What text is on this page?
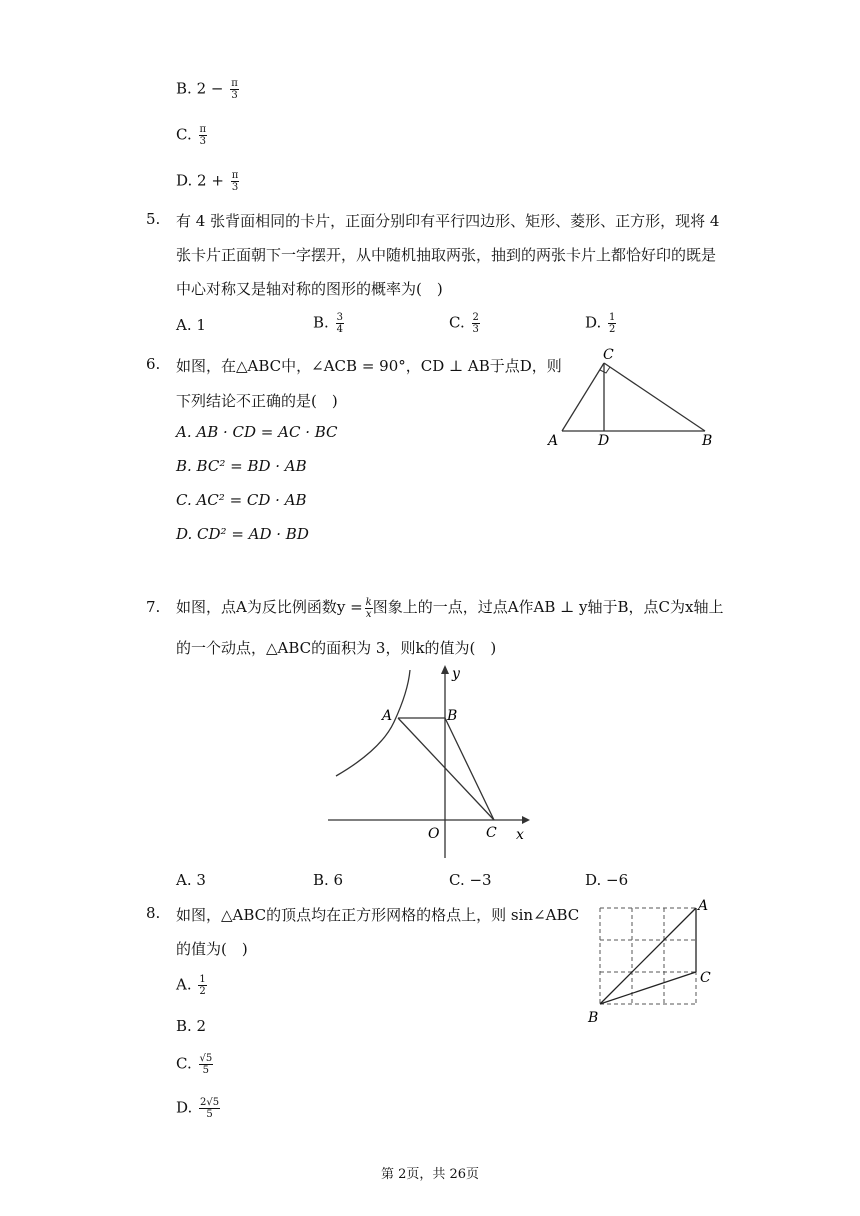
B. $2 - \frac{\pi}{3}$
C. $\frac{\pi}{3}$
D. $2 + \frac{\pi}{3}$
5. 有 4 张背面相同的卡片，正面分别印有平行四边形、矩形、菱形、正方形，现将 4
张卡片正面朝下一字摆开，从中随机抽取两张，抽到的两张卡片上都恰好印的既是
中心对称又是轴对称的图形的概率为(　)
A. 1	B. $\frac{3}{4}$	C. $\frac{2}{3}$	D. $\frac{1}{2}$
6. 如图，在△ABC中，∠ACB = 90°，CD ⊥ AB于点D，则
下列结论不正确的是(　)
A. AB · CD = AC · BC
B. BC² = BD · AB
C. AC² = CD · AB
D. CD² = AD · BD
C
A	D	B
7. 如图，点A为反比例函数$y = \frac{k}{x}$ 图象上的一点，过点A作AB ⊥ y轴于B，点C为x轴上
的一个动点，△ABC的面积为 3，则k的值为(　)
y
x
O
A	B
C
A. 3	B. 6	C. −3	D. −6
8. 如图，△ABC的顶点均在正方形网格的格点上，则 sin∠ABC
的值为(　)
A. $\frac{1}{2}$
B. 2
C. $\frac{√5}{5}$
D. $\frac{2√5}{5}$
A
C
B
第 2页，共 26页
